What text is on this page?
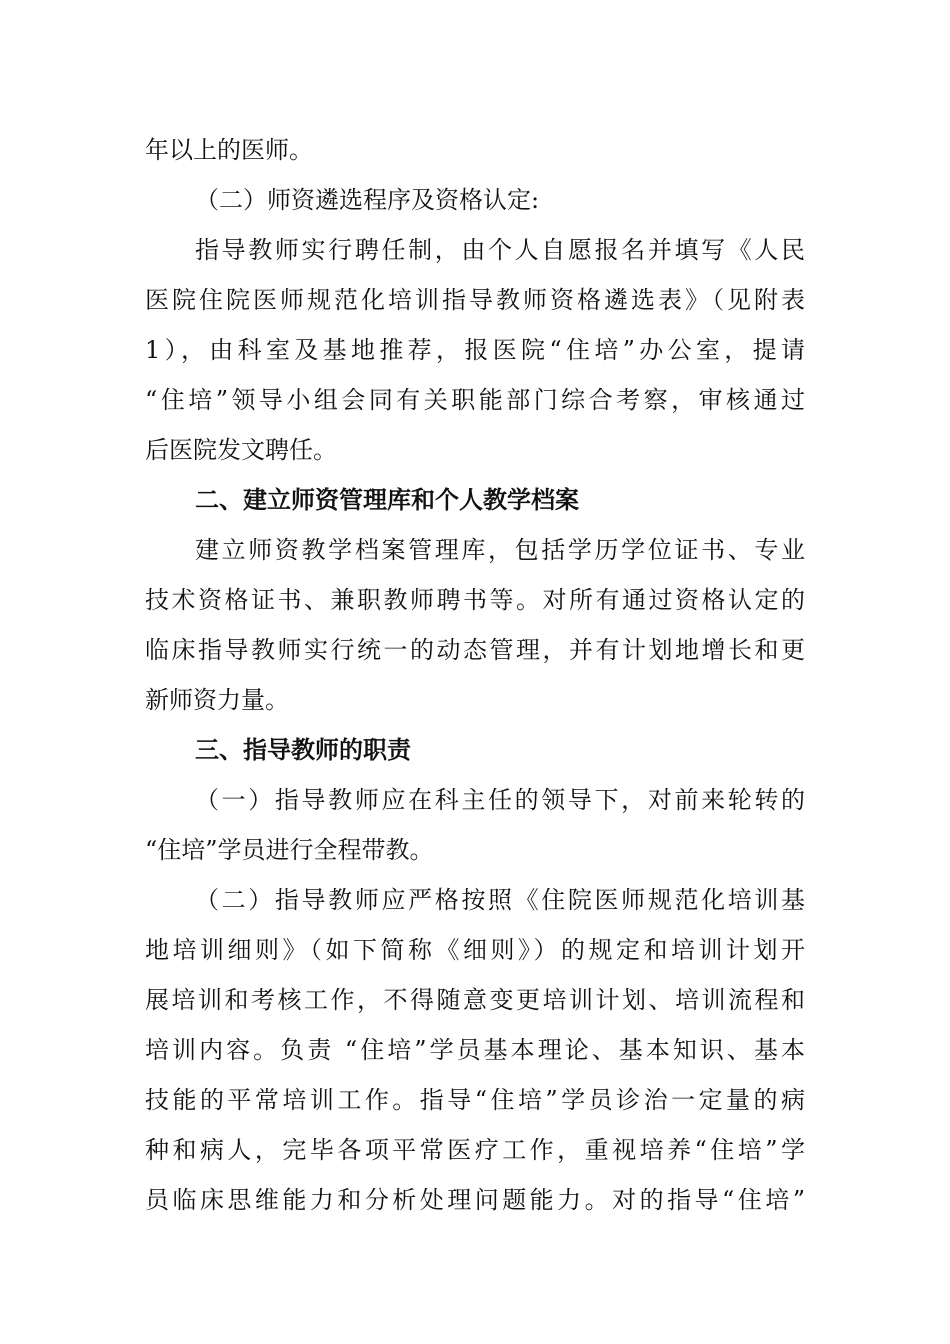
年以上的医师。
（二）师资遴选程序及资格认定:
指导教师实行聘任制，由个人自愿报名并填写《人民
医院住院医师规范化培训指导教师资格遴选表》（见附表
1），由科室及基地推荐，报医院“住培”办公室，提请
“住培”领导小组会同有关职能部门综合考察，审核通过
后医院发文聘任。
二、建立师资管理库和个人教学档案
建立师资教学档案管理库，包括学历学位证书、专业
技术资格证书、兼职教师聘书等。对所有通过资格认定的
临床指导教师实行统一的动态管理，并有计划地增长和更
新师资力量。
三、指导教师的职责
（一）指导教师应在科主任的领导下，对前来轮转的
“住培”学员进行全程带教。
（二）指导教师应严格按照《住院医师规范化培训基
地培训细则》（如下简称《细则》）的规定和培训计划开
展培训和考核工作，不得随意变更培训计划、培训流程和
培训内容。负责 “住培”学员基本理论、基本知识、基本
技能的平常培训工作。指导“住培”学员诊治一定量的病
种和病人，完毕各项平常医疗工作，重视培养“住培”学
员临床思维能力和分析处理问题能力。对的指导“住培”
